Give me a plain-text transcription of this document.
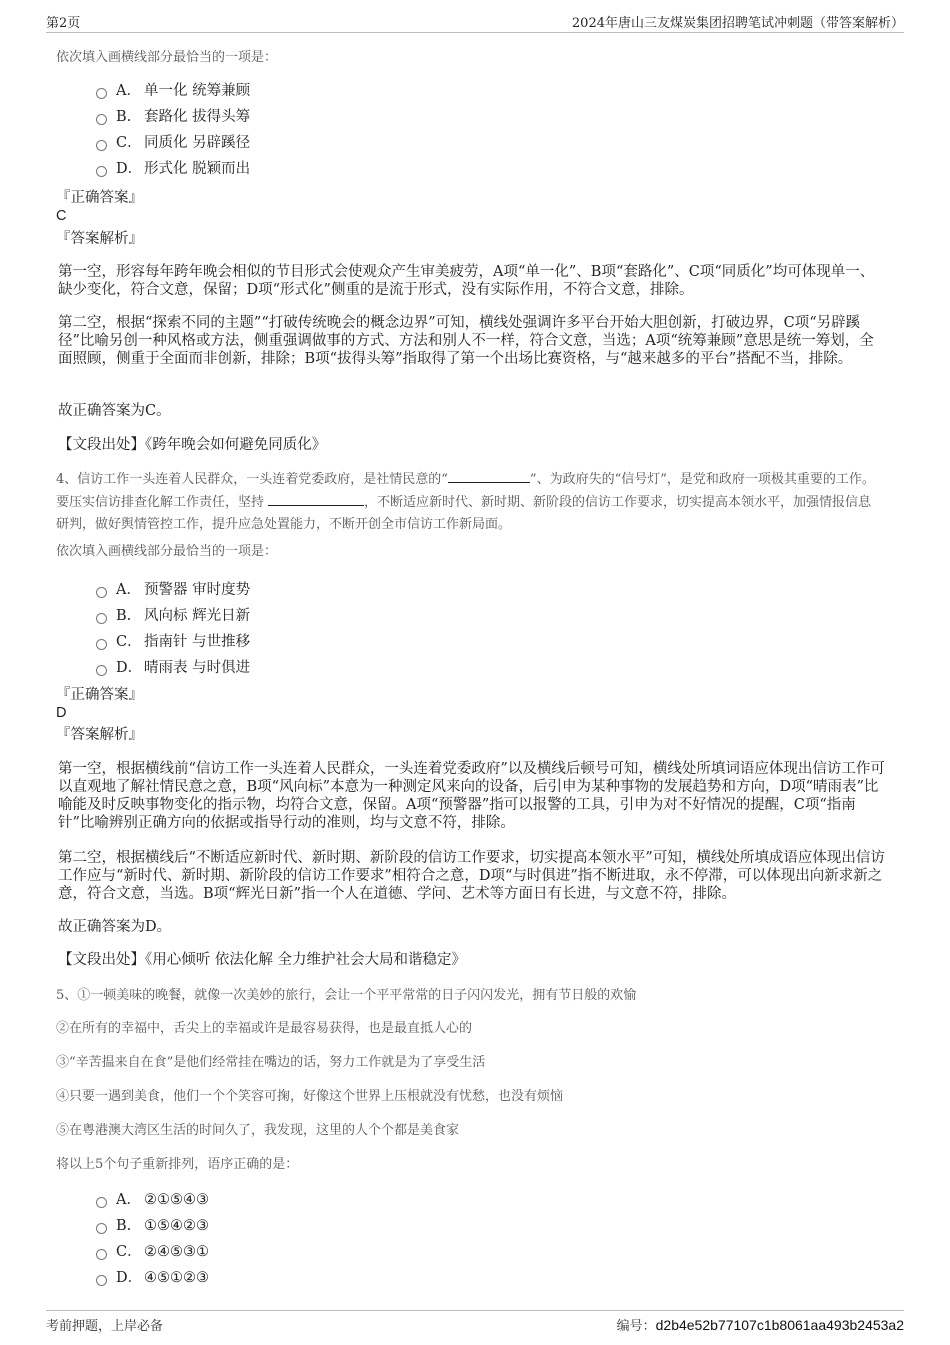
第2页	2024年唐山三友煤炭集团招聘笔试冲刺题（带答案解析）
依次填入画横线部分最恰当的一项是：
A． 单一化 统筹兼顾
B. 套路化 拔得头筹
C． 同质化 另辟蹊径
D． 形式化 脱颖而出
『正确答案』
C
『答案解析』
第一空，形容每年跨年晚会相似的节目形式会使观众产生审美疲劳，A项“单一化”、B项“套路化”、C项“同质化”均可体现单一、缺少变化，符合文意，保留；D项“形式化”侧重的是流于形式，没有实际作用，不符合文意，排除。
第二空，根据“探索不同的主题”“打破传统晚会的概念边界”可知，横线处强调许多平台开始大胆创新，打破边界，C项“另辟蹊径”比喻另创一种风格或方法，侧重强调做事的方式、方法和别人不一样，符合文意，当选；A项“统筹兼顾”意思是统一筹划，全面照顾，侧重于全面而非创新，排除；B项“拔得头筹”指取得了第一个出场比赛资格，与“越来越多的平台”搭配不当，排除。
故正确答案为C。
【文段出处】《跨年晚会如何避免同质化》
4、信访工作一头连着人民群众，一头连着党委政府，是社情民意的“	”、为政府失的“信号灯”，是党和政府一项极其重要的工作。
要压实信访排查化解工作责任，坚持	，不断适应新时代、新时期、新阶段的信访工作要求，切实提高本领水平，加强情报信息
研判，做好舆情管控工作，提升应急处置能力，不断开创全市信访工作新局面。
依次填入画横线部分最恰当的一项是：
A． 预警器 审时度势
B. 风向标 辉光日新
C． 指南针 与世推移
D． 晴雨表 与时俱进
『正确答案』
D
『答案解析』
第一空，根据横线前“信访工作一头连着人民群众，一头连着党委政府”以及横线后顿号可知，横线处所填词语应体现出信访工作可以直观地了解社情民意之意，B项“风向标”本意为一种测定风来向的设备，后引申为某种事物的发展趋势和方向，D项“晴雨表”比喻能及时反映事物变化的指示物，均符合文意，保留。A项“预警器”指可以报警的工具，引申为对不好情况的提醒，C项“指南针”比喻辨别正确方向的依据或指导行动的准则，均与文意不符，排除。
第二空，根据横线后“不断适应新时代、新时期、新阶段的信访工作要求，切实提高本领水平”可知，横线处所填成语应体现出信访工作应与“新时代、新时期、新阶段的信访工作要求”相符合之意，D项“与时俱进”指不断进取，永不停滞，可以体现出向新求新之意，符合文意，当选。B项“辉光日新”指一个人在道德、学问、艺术等方面日有长进，与文意不符，排除。
故正确答案为D。
【文段出处】《用心倾听 依法化解 全力维护社会大局和谐稳定》
5、①一顿美味的晚餐，就像一次美妙的旅行，会让一个平平常常的日子闪闪发光，拥有节日般的欢愉
②在所有的幸福中，舌尖上的幸福或许是最容易获得，也是最直抵人心的
③“辛苦揾来自在食”是他们经常挂在嘴边的话，努力工作就是为了享受生活
④只要一遇到美食，他们一个个笑容可掬，好像这个世界上压根就没有忧愁，也没有烦恼
⑤在粤港澳大湾区生活的时间久了，我发现，这里的人个个都是美食家
将以上5个句子重新排列，语序正确的是：
A． ②①⑤④③
B. ①⑤④②③
C． ②④⑤③①
D． ④⑤①②③
考前押题，上岸必备	编号：d2b4e52b77107c1b8061aa493b2453a2
